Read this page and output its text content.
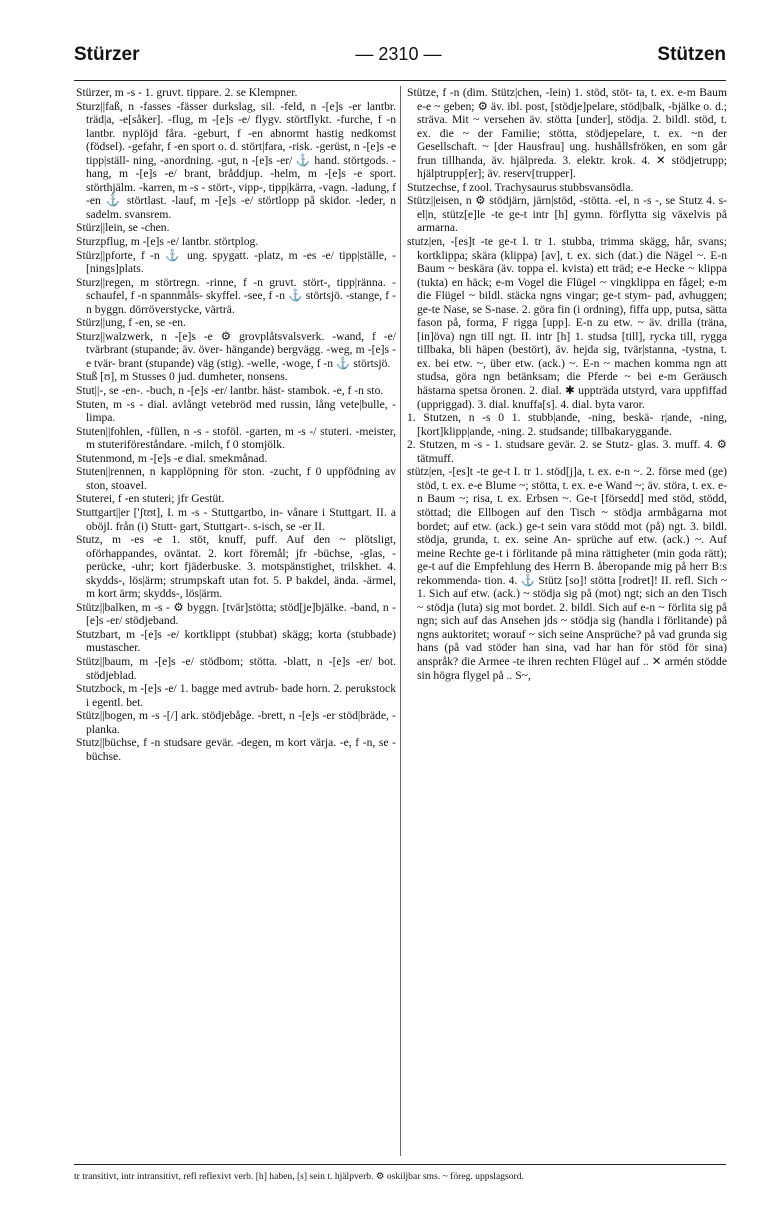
Stürzer	— 2310 —	Stützen

Stürzer, m -s - 1. gruvt. tippare. 2. se Klempner.

Sturz||faß, n -fasses -fässer durkslag, sil. -feld, n -[e]s -er lantbr. träd|a, -e[såker]. -flug, m -[e]s -e/ flygv. störtflykt. -furche, f -n lantbr. nyplöjd fåra. -geburt, f -en abnormt hastig nedkomst (födsel). -gefahr, f -en sport o. d. stört|fara, -risk. -gerüst, n -[e]s -e tipp|ställ- ning, -anordning. -gut, n -[e]s -er/ ⚓ hand. störtgods. -hang, m -[e]s -e/ brant, bråddjup. -helm, m -[e]s -e sport. störthjälm. -karren, m -s - stört-, vipp-, tipp|kärra, -vagn. -ladung, f -en ⚓ störtlast. -lauf, m -[e]s -e/ störtlopp på skidor. -leder, n sadelm. svansrem.

Stürz||lein, se -chen.

Sturzpflug, m -[e]s -e/ lantbr. störtplog.

Stürz||pforte, f -n ⚓ ung. spygatt. -platz, m -es -e/ tipp|ställe, -[nings]plats.

Sturz||regen, m störtregn. -rinne, f -n gruvt. stört-, tipp|ränna. -schaufel, f -n spannmåls- skyffel. -see, f -n ⚓ störtsjö. -stange, f -n byggn. dörröverstycke, värträ.

Stürz||ung, f -en, se -en.

Sturz||walzwerk, n -[e]s -e ⚙ grovplåtsvalsverk. -wand, f -e/ tvärbrant (stupande; äv. över- hängande) bergvägg. -weg, m -[e]s -e tvär- brant (stupande) väg (stig). -welle, -woge, f -n ⚓ störtsjö.

Stuß [ʊ], m Stusses 0 jud. dumheter, nonsens.

Stut||-, se -en-. -buch, n -[e]s -er/ lantbr. häst- stambok. -e, f -n sto.

Stuten, m -s - dial. avlångt vetebröd med russin, lång vete|bulle, -limpa.

Stuten||fohlen, -füllen, n -s - stoföl. -garten, m -s -/ stuteri. -meister, m stuteriföreståndare. -milch, f 0 stomjölk.

Stutenmond, m -[e]s -e dial. smekmånad.

Stuten||rennen, n kapplöpning för ston. -zucht, f 0 uppfödning av ston, stoavel.

Stuterei, f -en stuteri; jfr Gestüt.

Stuttgart||er ['ʃtʊt], I. m -s - Stuttgartbo, in- vånare i Stuttgart. II. a oböjl. från (i) Stutt- gart, Stuttgart-. s-isch, se -er II.

Stutz, m -es -e 1. stöt, knuff, puff. Auf den ~ plötsligt, oförhappandes, oväntat. 2. kort föremål; jfr -büchse, -glas, -perücke, -uhr; kort fjäderbuske. 3. motspänstighet, trilskhet. 4. skydds-, lös|ärm; strumpskaft utan fot. 5. P bakdel, ända. -ärmel, m kort ärm; skydds-, lös|ärm.

Stütz||balken, m -s - ⚙ byggn. [tvär]stötta; stöd[je]bjälke. -band, n -[e]s -er/ stödjeband.

Stutzbart, m -[e]s -e/ kortklippt (stubbat) skägg; korta (stubbade) mustascher.

Stütz||baum, m -[e]s -e/ stödbom; stötta. -blatt, n -[e]s -er/ bot. stödjeblad.

Stutzbock, m -[e]s -e/ 1. bagge med avtrub- bade horn. 2. perukstock i egentl. bet.

Stütz||bogen, m -s -[/] ark. stödjebåge. -brett, n -[e]s -er stöd|bräde, -planka.

Stutz||büchse, f -n studsare gevär. -degen, m kort värja. -e, f -n, se -büchse.

Stütze, f -n (dim. Stütz|chen, -lein) 1. stöd, stöt- ta, t. ex. e-m Baum e-e ~ geben; ⚙ äv. ibl. post, [stödje]pelare, stöd|balk, -bjälke o. d.; sträva. Mit ~ versehen äv. stötta [under], stödja. 2. bildl. stöd, t. ex. die ~ der Familie; stötta, stödjepelare, t. ex. ~n der Gesellschaft. ~ [der Hausfrau] ung. hushållsfröken, en som går frun tillhanda, äv. hjälpreda. 3. elektr. krok. 4. ✕ stödjetrupp; hjälptrupp[er]; äv. reserv[trupper].

Stutzechse, f zool. Trachysaurus stubbsvansödla.

Stütz||eisen, n ⚙ stödjärn, järn|stöd, -stötta. -el, n -s -, se Stutz 4. s-el|n, stütz[e]le -te ge-t intr [h] gymn. förflytta sig växelvis på armarna.

stutz|en, -[es]t -te ge-t I. tr 1. stubba, trimma skägg, hår, svans; kortklippa; skära (klippa) [av], t. ex. sich (dat.) die Nägel ~. E-n Baum ~ beskära (äv. toppa el. kvista) ett träd; e-e Hecke ~ klippa (tukta) en häck; e-m Vogel die Flügel ~ vingklippa en fågel; e-m die Flügel ~ bildl. stäcka ngns vingar; ge-t stym- pad, avhuggen; ge-te Nase, se S-nase. 2. göra fin (i ordning), fiffa upp, putsa, sätta fason på, forma, F rigga [upp]. E-n zu etw. ~ äv. drilla (träna, [in]öva) ngn till ngt. II. intr [h] 1. studsa [till], rycka till, rygga tillbaka, bli häpen (bestört), äv. hejda sig, tvär|stanna, -tystna, t. ex. bei etw. ~, über etw. (ack.) ~. E-n ~ machen komma ngn att studsa, göra ngn betänksam; die Pferde ~ bei e-m Geräusch hästarna spetsa öronen. 2. dial. ✱ uppträda utstyrd, vara uppfiffad (uppriggad). 3. dial. knuffa[s]. 4. dial. byta varor.

1. Stutzen, n -s 0 1. stubb|ande, -ning, beskä- r|ande, -ning, [kort]klipp|ande, -ning. 2. studsande; tillbakaryggande.

2. Stutzen, m -s - 1. studsare gevär. 2. se Stutz- glas. 3. muff. 4. ⚙ tätmuff.

stütz|en, -[es]t -te ge-t I. tr 1. stöd[j]a, t. ex. e-n ~. 2. förse med (ge) stöd, t. ex. e-e Blume ~; stötta, t. ex. e-e Wand ~; äv. störa, t. ex. e-n Baum ~; risa, t. ex. Erbsen ~. Ge-t [försedd] med stöd, stödd, stöttad; die Ellbogen auf den Tisch ~ stödja armbågarna mot bordet; auf etw. (ack.) ge-t sein vara stödd mot (på) ngt. 3. bildl. stödja, grunda, t. ex. seine An- sprüche auf etw. (ack.) ~. Auf meine Rechte ge-t i förlitande på mina rättigheter (min goda rätt); ge-t auf die Empfehlung des Herrn B. åberopande mig på herr B:s rekommenda- tion. 4. ⚓ Stütz [so]! stötta [rodret]! II. refl. Sich ~ 1. Sich auf etw. (ack.) ~ stödja sig på (mot) ngt; sich an den Tisch ~ stödja (luta) sig mot bordet. 2. bildl. Sich auf e-n ~ förlita sig på ngn; sich auf das Ansehen jds ~ stödja sig (handla i förlitande) på ngns auktoritet; worauf ~ sich seine Ansprüche? på vad grunda sig hans (på vad stöder han sina, vad har han för stöd för sina) anspråk? die Armee -te ihren rechten Flügel auf .. ✕ armén stödde sin högra flygel på .. S~,

tr transitivt, intr intransitivt, refl reflexivt verb. [h] haben, [s] sein t. hjälpverb. ⚙ oskiljbar sms. ~ föreg. uppslagsord.
